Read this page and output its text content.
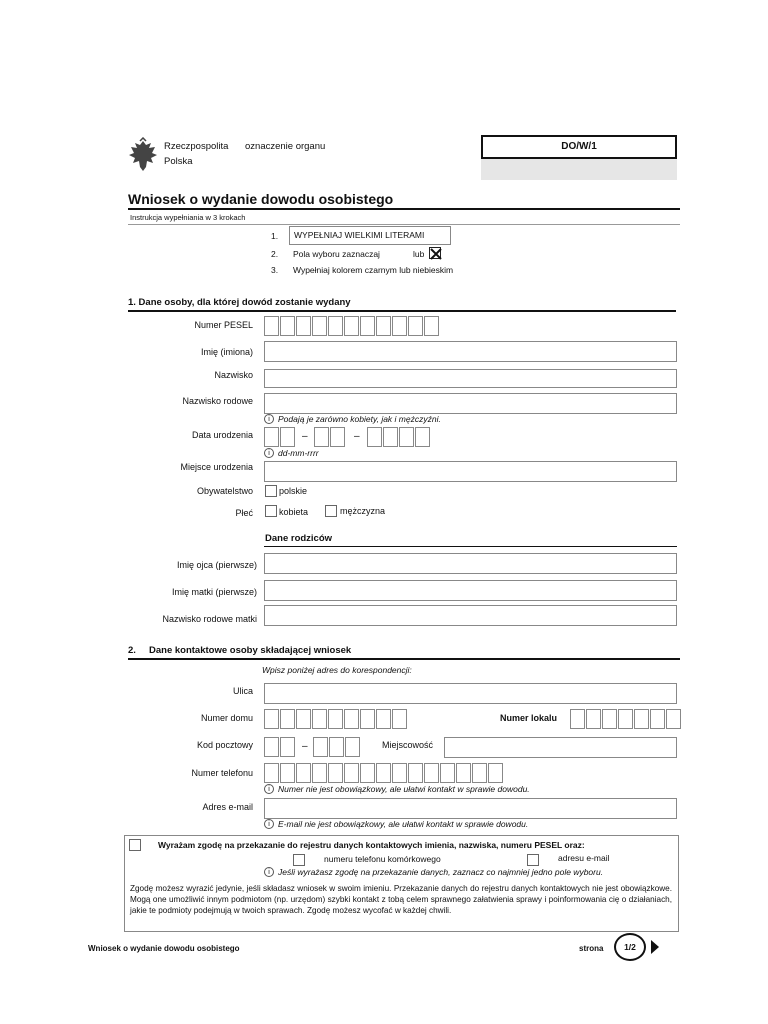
Rzeczpospolita
Polska
oznaczenie organu	DO/W/1
Wniosek o wydanie dowodu osobistego
Instrukcja wypełniania w 3 krokach
1.	WYPEŁNIAJ WIELKIMI LITERAMI
2. Pola wyboru zaznaczaj	lub
3. Wypełniaj kolorem czarnym lub niebieskim
1. Dane osoby, dla której dowód zostanie wydany
Numer PESEL
Imię (imiona)
Nazwisko
Nazwisko rodowe
i Podają je zarówno kobiety, jak i mężczyźni.
Data urodzenia	–	–
i dd-mm-rrrr
Miejsce urodzenia
Obywatelstwo	polskie
Płeć	kobieta	mężczyzna
Dane rodziców
Imię ojca (pierwsze)
Imię matki (pierwsze)
Nazwisko rodowe matki
2. Dane kontaktowe osoby składającej wniosek
Wpisz poniżej adres do korespondencji:
Ulica
Numer domu	Numer lokalu
Kod pocztowy	–	Miejscowość
Numer telefonu
i Numer nie jest obowiązkowy, ale ułatwi kontakt w sprawie dowodu.
Adres e-mail
i E-mail nie jest obowiązkowy, ale ułatwi kontakt w sprawie dowodu.
Wyrażam zgodę na przekazanie do rejestru danych kontaktowych imienia, nazwiska, numeru PESEL oraz:
numeru telefonu komórkowego	adresu e-mail
i Jeśli wyrażasz zgodę na przekazanie danych, zaznacz co najmniej jedno pole wyboru.
Zgodę możesz wyrazić jedynie, jeśli składasz wniosek w swoim imieniu. Przekazanie danych do rejestru danych kontaktowych nie jest obowiązkowe. Mogą one umożliwić innym podmiotom (np. urzędom) szybki kontakt z tobą celem sprawnego załatwienia sprawy i poinformowania cię o działaniach, jakie te podmioty podejmują w twoich sprawach. Zgodę możesz wycofać w każdej chwili.
Wniosek o wydanie dowodu osobistego	strona	1/2
